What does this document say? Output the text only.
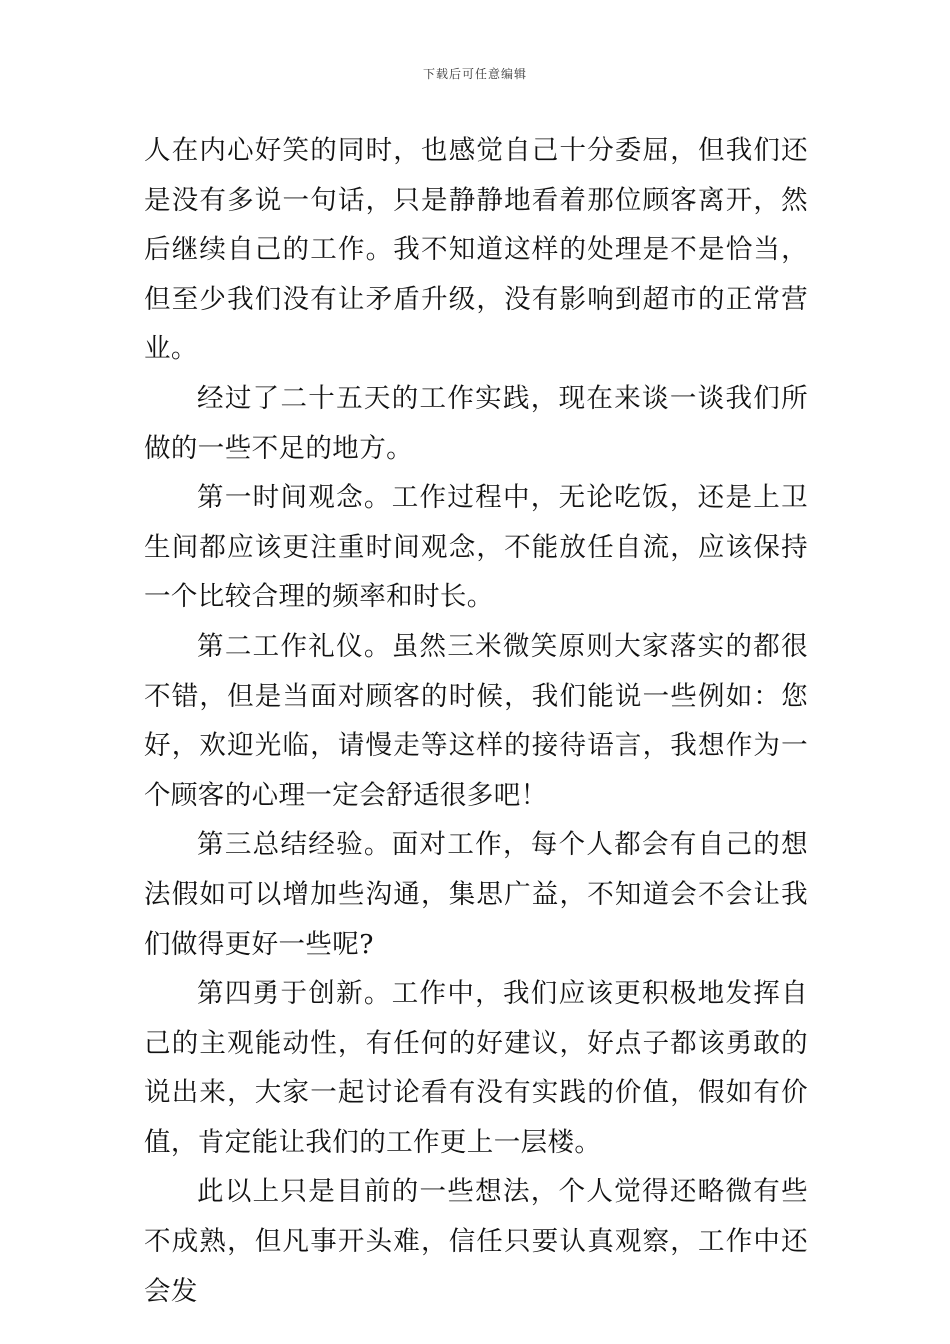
下载后可任意编辑

人在内心好笑的同时，也感觉自己十分委屈，但我们还是没有多说一句话，只是静静地看着那位顾客离开，然后继续自己的工作。我不知道这样的处理是不是恰当，但至少我们没有让矛盾升级，没有影响到超市的正常营业。

经过了二十五天的工作实践，现在来谈一谈我们所做的一些不足的地方。

第一时间观念。工作过程中，无论吃饭，还是上卫生间都应该更注重时间观念，不能放任自流，应该保持一个比较合理的频率和时长。

第二工作礼仪。虽然三米微笑原则大家落实的都很不错，但是当面对顾客的时候，我们能说一些例如：您好，欢迎光临，请慢走等这样的接待语言，我想作为一个顾客的心理一定会舒适很多吧！

第三总结经验。面对工作，每个人都会有自己的想法假如可以增加些沟通，集思广益，不知道会不会让我们做得更好一些呢?

第四勇于创新。工作中，我们应该更积极地发挥自己的主观能动性，有任何的好建议，好点子都该勇敢的说出来，大家一起讨论看有没有实践的价值，假如有价值，肯定能让我们的工作更上一层楼。

此以上只是目前的一些想法，个人觉得还略微有些不成熟，但凡事开头难，信任只要认真观察，工作中还会发
